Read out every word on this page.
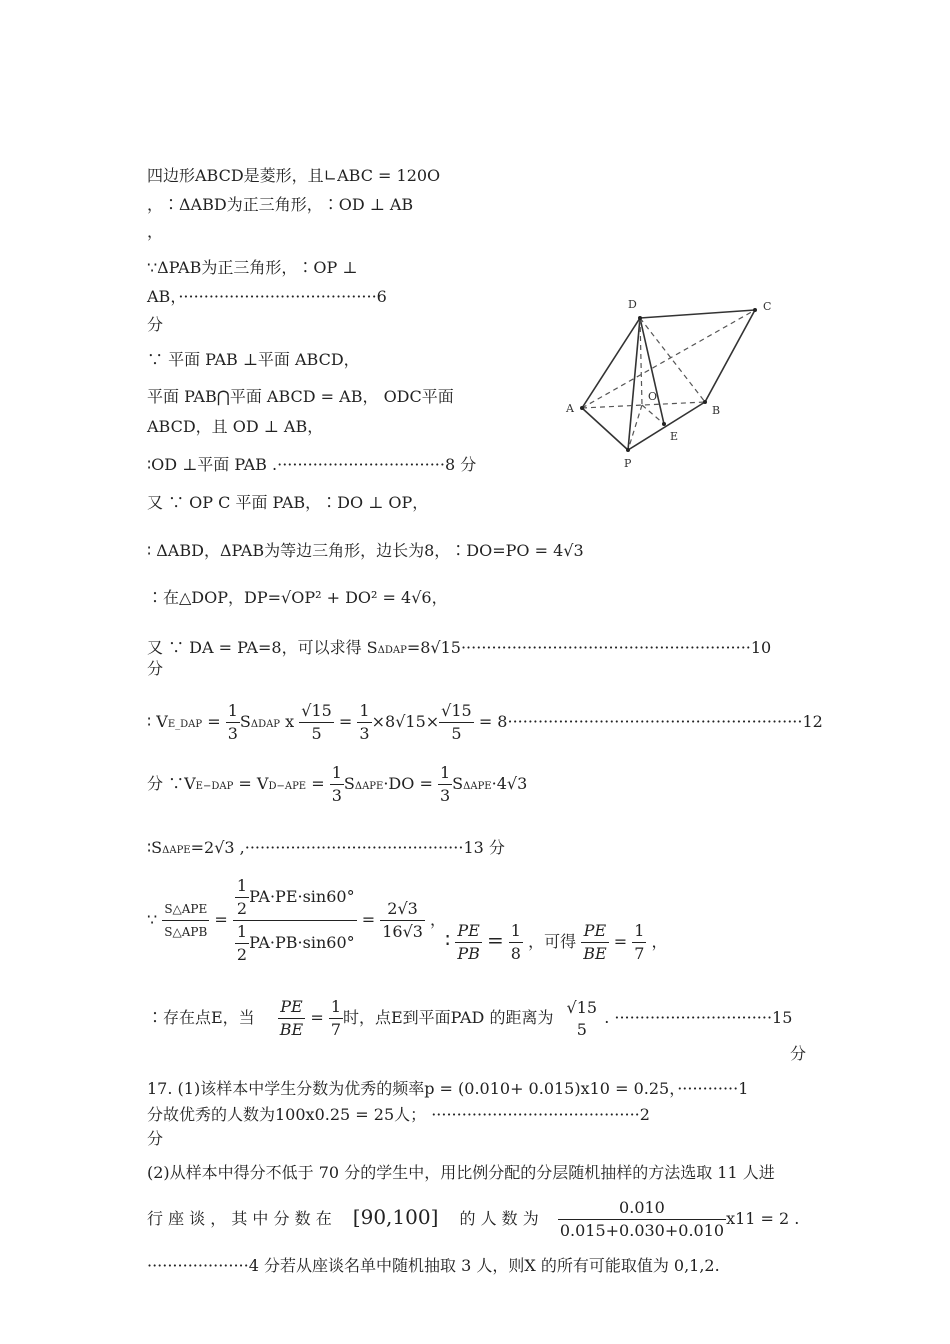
四边形ABCD是菱形，且∟ABC = 120O
，∶ΔABD为正三角形，∶OD ⊥ AB
，
∵ΔPAB为正三角形，∶OP ⊥
AB，·······································6
分
∵ 平面 PAB ⊥平面 ABCD，
平面 PAB⋂平面 ABCD = AB， ODC平面
ABCD，且 OD ⊥ AB，
∶OD ⊥平面 PAB .·································8 分
又 ∵ OP C 平面 PAB，∶DO ⊥ OP，
∶ ΔABD，ΔPAB为等边三角形，边长为8，∶DO=PO = 4√3
∶在△DOP，DP=√OP² + DO² = 4√6，
又 ∵ DA = PA=8，可以求得 SΔDAP=8√15·························································10
分
∶ VE_DAP = $\frac{1}{3}$ SΔDAP x $\frac{√15}{5} = \frac{1}{3} \times 8√15\times \frac{√15}{5} = 8\cdot\cdot\cdot\cdot\cdot\cdot\cdot\cdot\cdot\cdot\cdot\cdot\cdot\cdot\cdot\cdot\cdot\cdot\cdot\cdot\cdot\cdot\cdot\cdot\cdot\cdot\cdot\cdot\cdot\cdot\cdot\cdot\cdot\cdot\cdot\cdot\cdot\cdot\cdot\cdot\cdot\cdot\cdot\cdot\cdot\cdot\cdot\cdot\cdot\cdot\cdot\cdot\cdot\cdot\cdot\cdot\cdot\cdot 12$
分 ∵VE−DAP = $VD-APE = \frac{1}{3} S\Delta APE\cdot DO = \frac{1}{3} S\Delta APE\cdot 4√3$
∶SΔAPE=2√3 ,···········································13 分
∵ $\frac{\text{S△APE}}{\text{S△APB}} = \frac{\frac{1}{2} PA\cdot PE\cdot\sin 60^\circ}{\frac{1}{2} PA\cdot PB\cdot\sin 60^\circ} = \frac{2√3}{16√3}$ ，
∶ $\frac{PE}{PB} = \frac{1}{8}$ ，可得 $\frac{PE}{BE} = \frac{1}{7}$ ，
∶存在点E，当 $\frac{PE}{BE} = \frac{1}{7}$ 时，点E到平面PAD 的距离为
√15
5
. ·······························15
分
17. (1)该样本中学生分数为优秀的频率p = (0.010+ 0.015)x10 = 0.25，············1
分故优秀的人数为100x0.25 = 25人； ·········································2
分
(2)从样本中得分不低于 70 分的学生中，用比例分配的分层随机抽样的方法选取 11 人进
行 座 谈 ， 其 中 分 数 在 [90,100] 的 人 数 为 $\frac{0.010}{0.015+0.030+0.010} x11 = 2$ .
····················4 分若从座谈名单中随机抽取 3 人，则X 的所有可能取值为 0,1,2.
D	C
A
O
B
E
P
